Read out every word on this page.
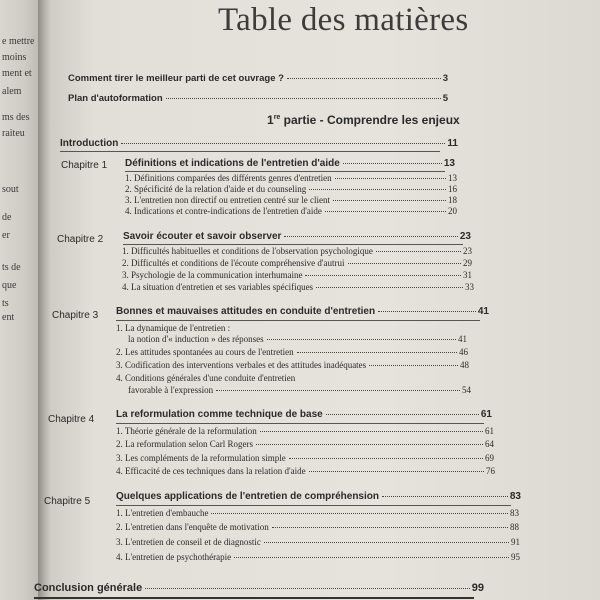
e mettre
moins
ment et
alem
ms des
raiteu
sout
de
er
ts de
que
ts
ent
Table des matières
Comment tirer le meilleur parti de cet ouvrage ?	3
Plan d'autoformation	5
1re partie - Comprendre les enjeux
Introduction	11
Chapitre 1 Définitions et indications de l'entretien d'aide	13
1. Définitions comparées des différents genres d'entretien	13
2. Spécificité de la relation d'aide et du counseling	16
3. L'entretien non directif ou entretien centré sur le client	18
4. Indications et contre-indications de l'entretien d'aide	20
Chapitre 2 Savoir écouter et savoir observer	23
1. Difficultés habituelles et conditions de l'observation psychologique	23
2. Difficultés et conditions de l'écoute compréhensive d'autrui	29
3. Psychologie de la communication interhumaine	31
4. La situation d'entretien et ses variables spécifiques	33
Chapitre 3 Bonnes et mauvaises attitudes en conduite d'entretien	41
1. La dynamique de l'entretien :
la notion d'« induction » des réponses	41
2. Les attitudes spontanées au cours de l'entretien	46
3. Codification des interventions verbales et des attitudes inadéquates	48
4. Conditions générales d'une conduite d'entretien
favorable à l'expression	54
Chapitre 4 La reformulation comme technique de base	61
1. Théorie générale de la reformulation	61
2. La reformulation selon Carl Rogers	64
3. Les compléments de la reformulation simple	69
4. Efficacité de ces techniques dans la relation d'aide	76
Chapitre 5	Quelques applications de l'entretien de compréhension	83
1. L'entretien d'embauche	83
2. L'entretien dans l'enquête de motivation	88
3. L'entretien de conseil et de diagnostic	91
4. L'entretien de psychothérapie	95
Conclusion générale	99
